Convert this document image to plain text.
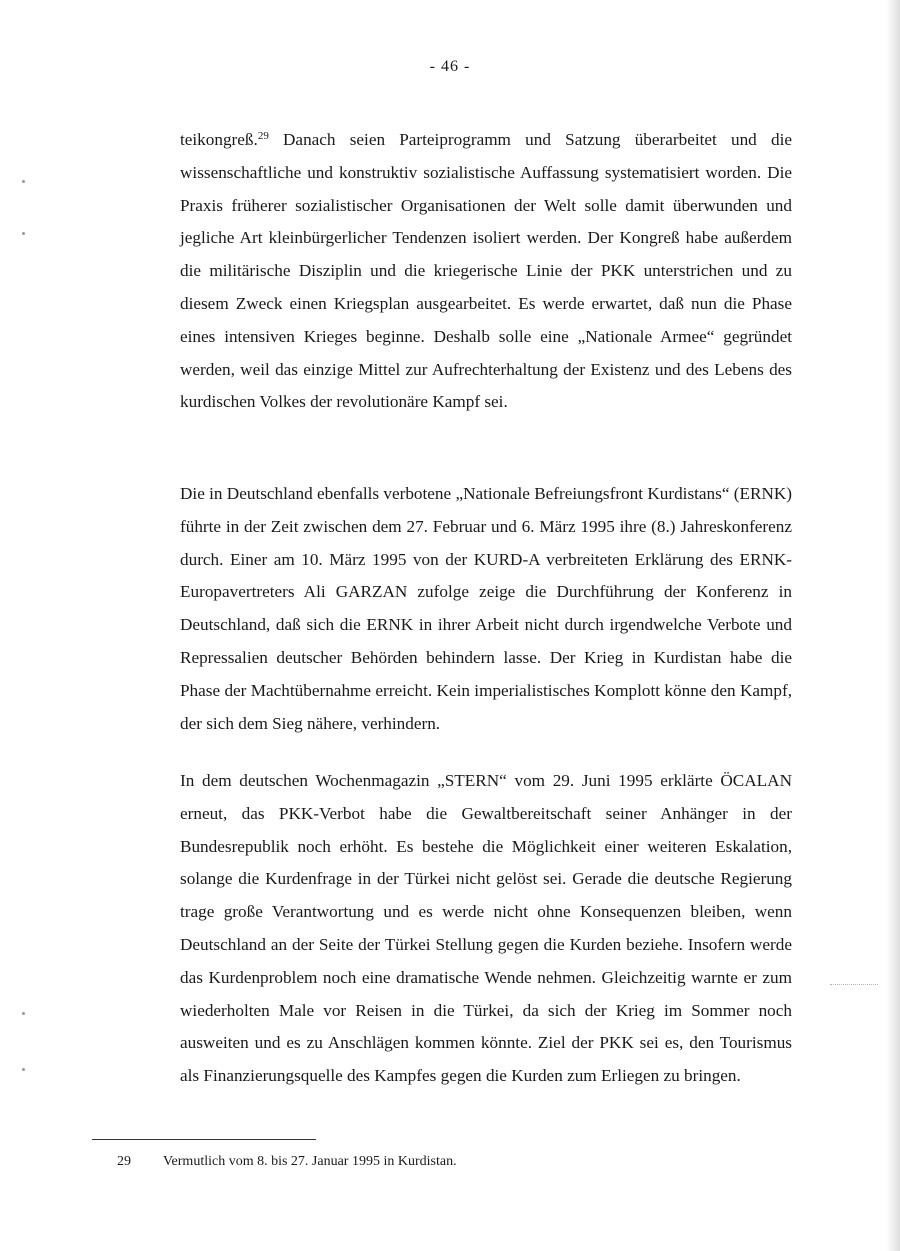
- 46 -

teikongreß.$^{29}$ Danach seien Parteiprogramm und Satzung überarbeitet und die wissenschaftliche und konstruktiv sozialistische Auffassung systematisiert worden. Die Praxis früherer sozialistischer Organisationen der Welt solle damit überwunden und jegliche Art kleinbürgerlicher Tendenzen isoliert werden. Der Kongreß habe außerdem die militärische Disziplin und die kriegerische Linie der PKK unterstrichen und zu diesem Zweck einen Kriegsplan ausgearbeitet. Es werde erwartet, daß nun die Phase eines intensiven Krieges beginne. Deshalb solle eine „Nationale Armee“ gegründet werden, weil das einzige Mittel zur Aufrechterhaltung der Existenz und des Lebens des kurdischen Volkes der revolutionäre Kampf sei.

Die in Deutschland ebenfalls verbotene „Nationale Befreiungsfront Kurdistans“ (ERNK) führte in der Zeit zwischen dem 27. Februar und 6. März 1995 ihre (8.) Jahreskonferenz durch. Einer am 10. März 1995 von der KURD-A verbreiteten Erklärung des ERNK-Europavertreters Ali GARZAN zufolge zeige die Durchführung der Konferenz in Deutschland, daß sich die ERNK in ihrer Arbeit nicht durch irgendwelche Verbote und Repressalien deutscher Behörden behindern lasse. Der Krieg in Kurdistan habe die Phase der Machtübernahme erreicht. Kein imperialistisches Komplott könne den Kampf, der sich dem Sieg nähere, verhindern.

In dem deutschen Wochenmagazin „STERN“ vom 29. Juni 1995 erklärte ÖCALAN erneut, das PKK-Verbot habe die Gewaltbereitschaft seiner Anhänger in der Bundesrepublik noch erhöht. Es bestehe die Möglichkeit einer weiteren Eskalation, solange die Kurdenfrage in der Türkei nicht gelöst sei. Gerade die deutsche Regierung trage große Verantwortung und es werde nicht ohne Konsequenzen bleiben, wenn Deutschland an der Seite der Türkei Stellung gegen die Kurden beziehe. Insofern werde das Kurdenproblem noch eine dramatische Wende nehmen. Gleichzeitig warnte er zum wiederholten Male vor Reisen in die Türkei, da sich der Krieg im Sommer noch ausweiten und es zu Anschlägen kommen könnte. Ziel der PKK sei es, den Tourismus als Finanzierungsquelle des Kampfes gegen die Kurden zum Erliegen zu bringen.

29 Vermutlich vom 8. bis 27. Januar 1995 in Kurdistan.
